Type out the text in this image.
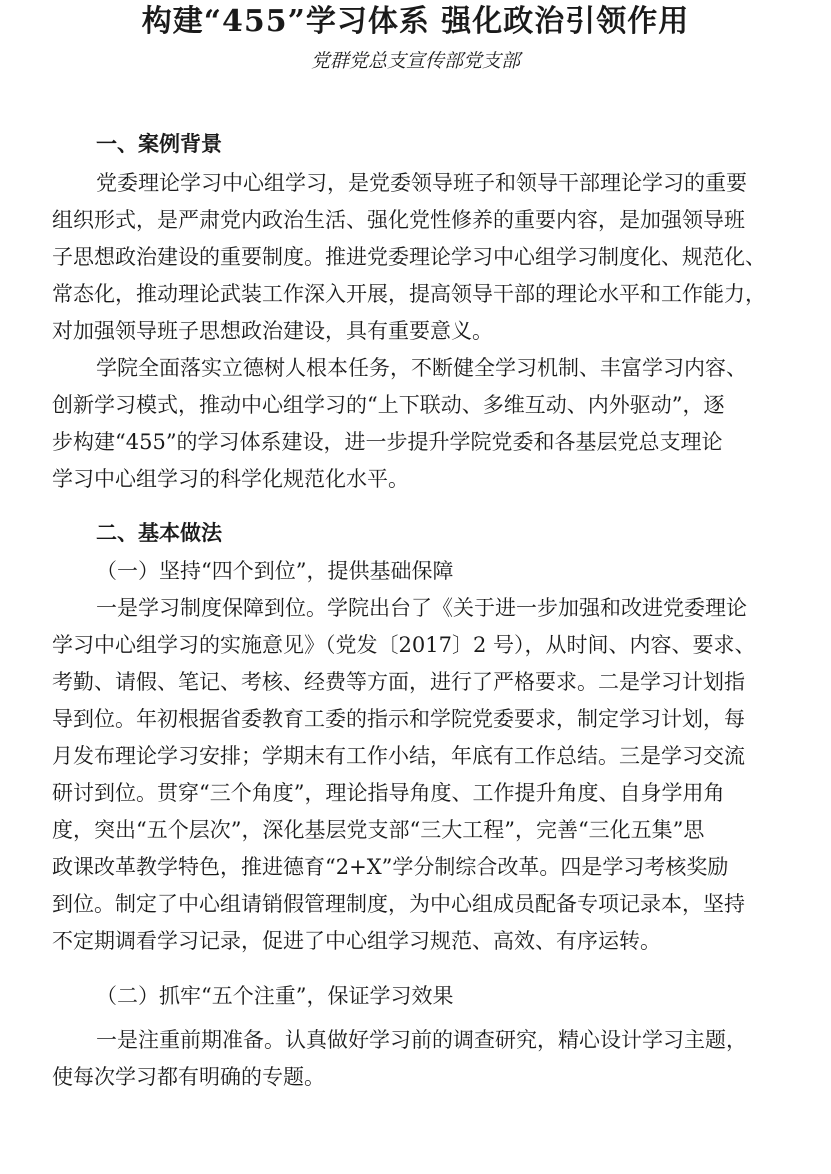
构建“455”学习体系 强化政治引领作用
党群党总支宣传部党支部
一、案例背景
党委理论学习中心组学习，是党委领导班子和领导干部理论学习的重要
组织形式，是严肃党内政治生活、强化党性修养的重要内容，是加强领导班
子思想政治建设的重要制度。推进党委理论学习中心组学习制度化、规范化、
常态化，推动理论武装工作深入开展，提高领导干部的理论水平和工作能力，
对加强领导班子思想政治建设，具有重要意义。
学院全面落实立德树人根本任务，不断健全学习机制、丰富学习内容、
创新学习模式，推动中心组学习的“上下联动、多维互动、内外驱动”，逐
步构建“455”的学习体系建设，进一步提升学院党委和各基层党总支理论
学习中心组学习的科学化规范化水平。
二、基本做法
（一）坚持“四个到位”，提供基础保障
一是学习制度保障到位。学院出台了《关于进一步加强和改进党委理论
学习中心组学习的实施意见》（党发〔2017〕2 号），从时间、内容、要求、
考勤、请假、笔记、考核、经费等方面，进行了严格要求。二是学习计划指
导到位。年初根据省委教育工委的指示和学院党委要求，制定学习计划，每
月发布理论学习安排；学期末有工作小结，年底有工作总结。三是学习交流
研讨到位。贯穿“三个角度”，理论指导角度、工作提升角度、自身学用角
度，突出“五个层次”，深化基层党支部“三大工程”，完善“三化五集”思
政课改革教学特色，推进德育“2+X”学分制综合改革。四是学习考核奖励
到位。制定了中心组请销假管理制度，为中心组成员配备专项记录本，坚持
不定期调看学习记录，促进了中心组学习规范、高效、有序运转。
（二）抓牢“五个注重”，保证学习效果
一是注重前期准备。认真做好学习前的调查研究，精心设计学习主题，
使每次学习都有明确的专题。
